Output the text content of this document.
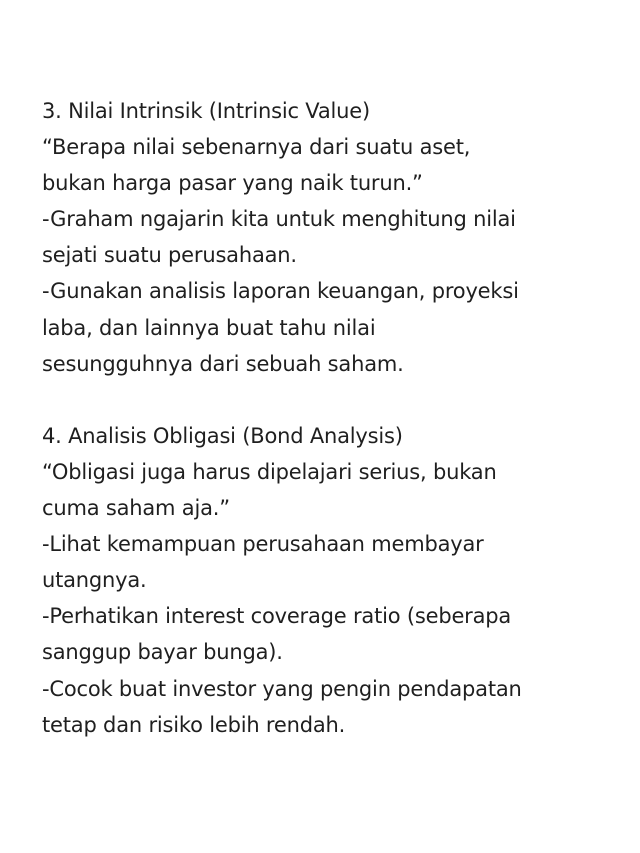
3. Nilai Intrinsik (Intrinsic Value)
“Berapa nilai sebenarnya dari suatu aset,
bukan harga pasar yang naik turun.”
-Graham ngajarin kita untuk menghitung nilai
sejati suatu perusahaan.
-Gunakan analisis laporan keuangan, proyeksi
laba, dan lainnya buat tahu nilai
sesungguhnya dari sebuah saham.
4. Analisis Obligasi (Bond Analysis)
“Obligasi juga harus dipelajari serius, bukan
cuma saham aja.”
-Lihat kemampuan perusahaan membayar
utangnya.
-Perhatikan interest coverage ratio (seberapa
sanggup bayar bunga).
-Cocok buat investor yang pengin pendapatan
tetap dan risiko lebih rendah.
